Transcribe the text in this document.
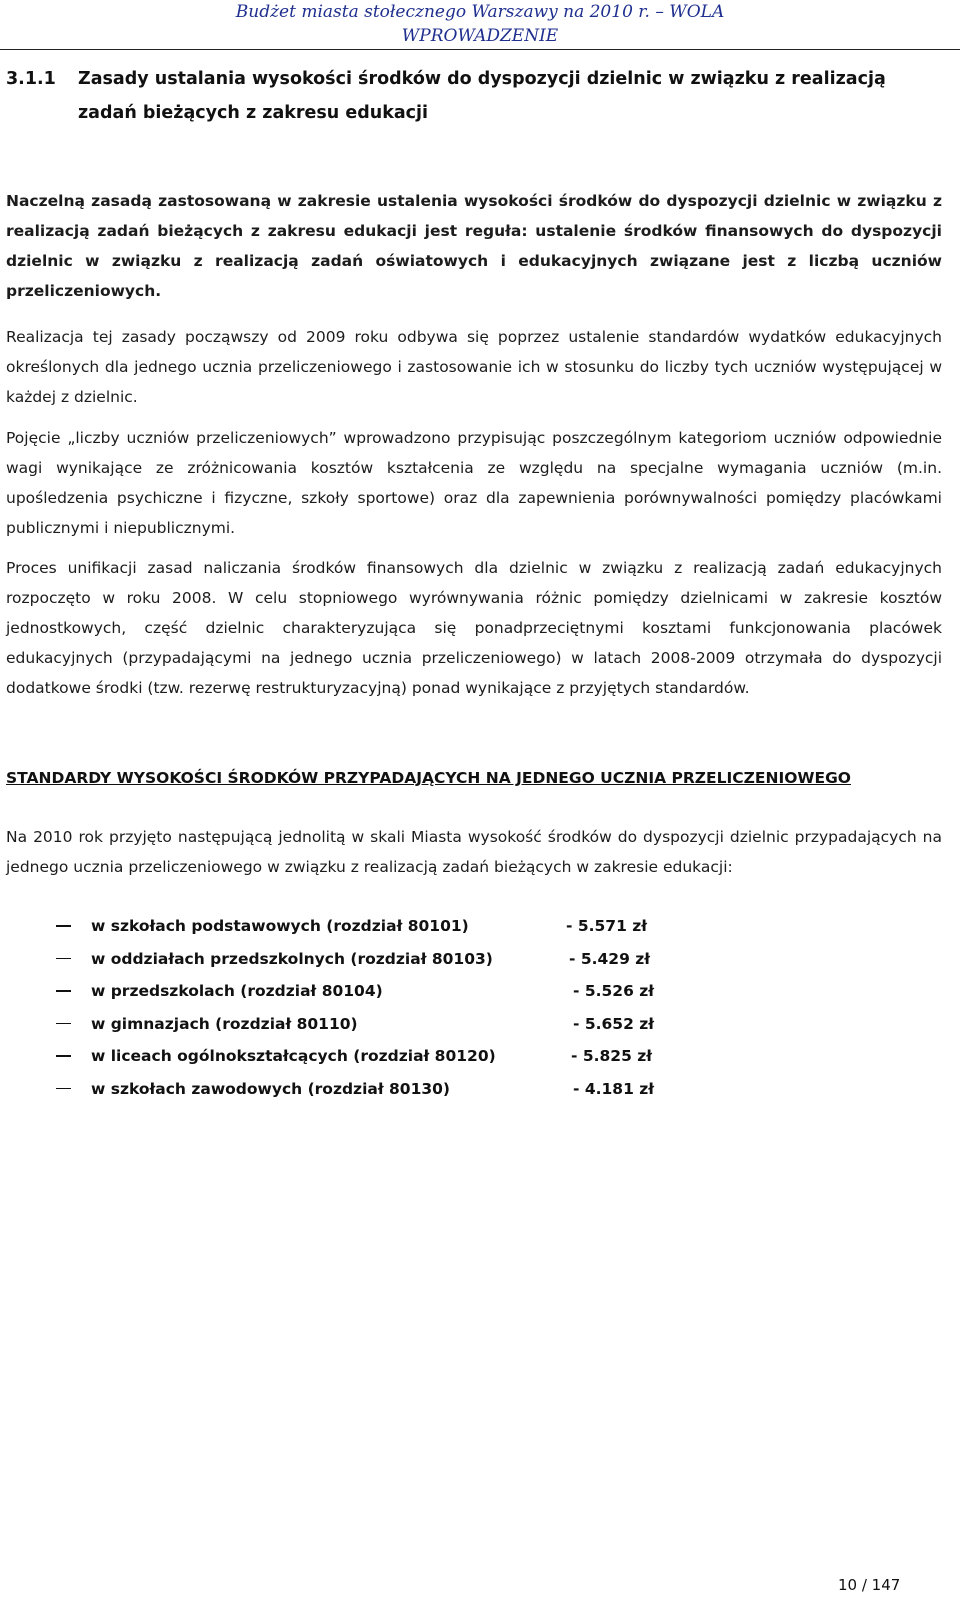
Budżet miasta stołecznego Warszawy na 2010 r. – WOLA
WPROWADZENIE
3.1.1 Zasady ustalania wysokości środków do dyspozycji dzielnic w związku z realizacją
zadań bieżących z zakresu edukacji
Naczelną zasadą zastosowaną w zakresie ustalenia wysokości środków do dyspozycji dzielnic w związku z realizacją zadań bieżących z zakresu edukacji jest reguła: ustalenie środków finansowych do dyspozycji dzielnic w związku z realizacją zadań oświatowych i edukacyjnych związane jest z liczbą uczniów przeliczeniowych.
Realizacja tej zasady począwszy od 2009 roku odbywa się poprzez ustalenie standardów wydatków edukacyjnych określonych dla jednego ucznia przeliczeniowego i zastosowanie ich w stosunku do liczby tych uczniów występującej w każdej z dzielnic.
Pojęcie „liczby uczniów przeliczeniowych” wprowadzono przypisując poszczególnym kategoriom uczniów odpowiednie wagi wynikające ze zróżnicowania kosztów kształcenia ze względu na specjalne wymagania uczniów (m.in. upośledzenia psychiczne i fizyczne, szkoły sportowe) oraz dla zapewnienia porównywalności pomiędzy placówkami publicznymi i niepublicznymi.
Proces unifikacji zasad naliczania środków finansowych dla dzielnic w związku z realizacją zadań edukacyjnych rozpoczęto w roku 2008. W celu stopniowego wyrównywania różnic pomiędzy dzielnicami w zakresie kosztów jednostkowych, część dzielnic charakteryzująca się ponadprzeciętnymi kosztami funkcjonowania placówek edukacyjnych (przypadającymi na jednego ucznia przeliczeniowego) w latach 2008-2009 otrzymała do dyspozycji dodatkowe środki (tzw. rezerwę restrukturyzacyjną) ponad wynikające z przyjętych standardów.
STANDARDY WYSOKOŚCI ŚRODKÓW PRZYPADAJĄCYCH NA JEDNEGO UCZNIA PRZELICZENIOWEGO
Na 2010 rok przyjęto następującą jednolitą w skali Miasta wysokość środków do dyspozycji dzielnic przypadających na jednego ucznia przeliczeniowego w związku z realizacją zadań bieżących w zakresie edukacji:
w szkołach podstawowych (rozdział 80101)	- 5.571 zł
w oddziałach przedszkolnych (rozdział 80103)	- 5.429 zł
w przedszkolach (rozdział 80104)	- 5.526 zł
w gimnazjach (rozdział 80110)	- 5.652 zł
w liceach ogólnokształcących (rozdział 80120)	- 5.825 zł
w szkołach zawodowych (rozdział 80130)	- 4.181 zł
10 / 147
